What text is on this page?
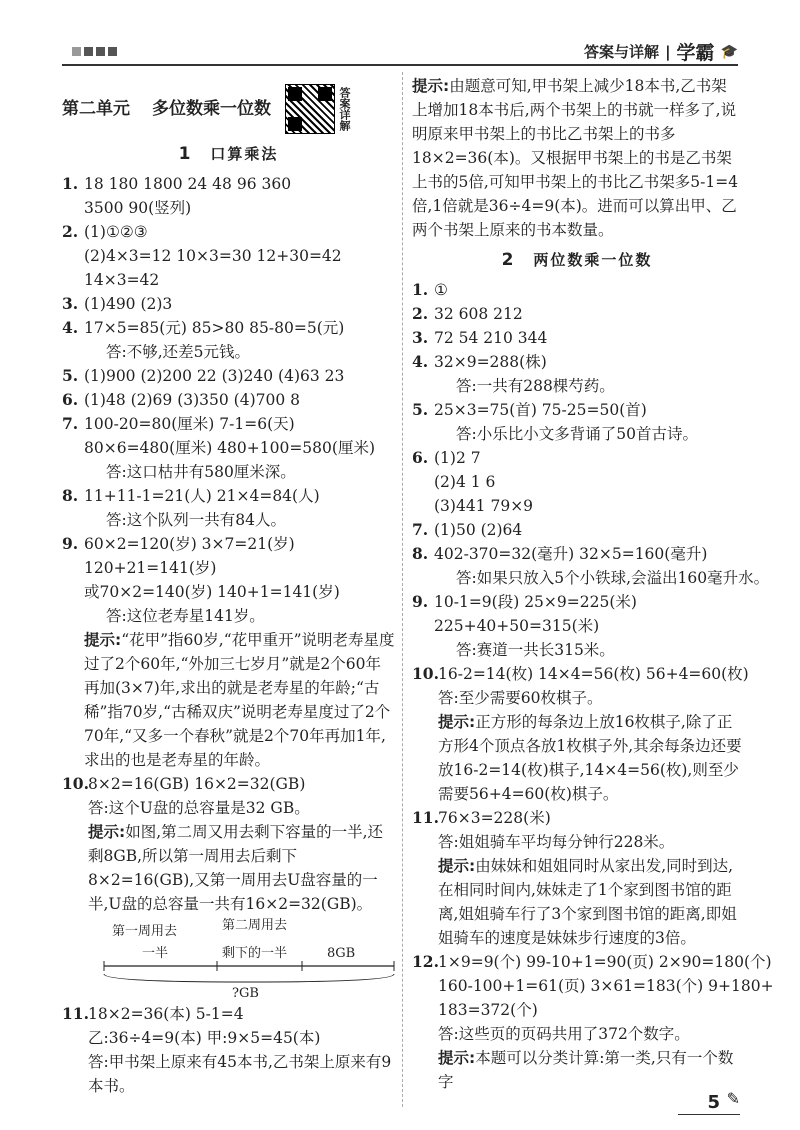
答案与详解 | 学霸 🎓
第二单元 多位数乘一位数	答案详解
1 口算乘法
1. 18 180 1800 24 48 96 360
3500 90(竖列)
2. (1)①②③
(2)4×3=12 10×3=30 12+30=42
14×3=42
3. (1)490 (2)3
4. 17×5=85(元) 85>80 85-80=5(元)
答:不够,还差5元钱。
5. (1)900 (2)200 22 (3)240 (4)63 23
6. (1)48 (2)69 (3)350 (4)700 8
7. 100-20=80(厘米) 7-1=6(天)
80×6=480(厘米) 480+100=580(厘米)
答:这口枯井有580厘米深。
8. 11+11-1=21(人) 21×4=84(人)
答:这个队列一共有84人。
9. 60×2=120(岁) 3×7=21(岁)
120+21=141(岁)
或70×2=140(岁) 140+1=141(岁)
答:这位老寿星141岁。
提示:“花甲”指60岁,“花甲重开”说明老寿星度过了2个60年,“外加三七岁月”就是2个60年再加(3×7)年,求出的就是老寿星的年龄;“古稀”指70岁,“古稀双庆”说明老寿星度过了2个70年,“又多一个春秋”就是2个70年再加1年,求出的也是老寿星的年龄。
10. 8×2=16(GB) 16×2=32(GB)
答:这个U盘的总容量是32 GB。
提示:如图,第二周又用去剩下容量的一半,还剩8GB,所以第一周用去后剩下8×2=16(GB),又第一周用去U盘容量的一半,U盘的总容量一共有16×2=32(GB)。
第一周用去
一半
第二周用去
剩下的一半	8GB
?GB
11. 18×2=36(本) 5-1=4
乙:36÷4=9(本) 甲:9×5=45(本)
答:甲书架上原来有45本书,乙书架上原来有9本书。
提示:由题意可知,甲书架上减少18本书,乙书架上增加18本书后,两个书架上的书就一样多了,说明原来甲书架上的书比乙书架上的书多18×2=36(本)。又根据甲书架上的书是乙书架上书的5倍,可知甲书架上的书比乙书架多5-1=4倍,1倍就是36÷4=9(本)。进而可以算出甲、乙两个书架上原来的书本数量。
2 两位数乘一位数
1. ①
2. 32 608 212
3. 72 54 210 344
4. 32×9=288(株)
答:一共有288棵芍药。
5. 25×3=75(首) 75-25=50(首)
答:小乐比小文多背诵了50首古诗。
6. (1)2 7
(2)4 1 6
(3)441 79×9
7. (1)50 (2)64
8. 402-370=32(毫升) 32×5=160(毫升)
答:如果只放入5个小铁球,会溢出160毫升水。
9. 10-1=9(段) 25×9=225(米)
225+40+50=315(米)
答:赛道一共长315米。
10. 16-2=14(枚) 14×4=56(枚) 56+4=60(枚)
答:至少需要60枚棋子。
提示:正方形的每条边上放16枚棋子,除了正方形4个顶点各放1枚棋子外,其余每条边还要放16-2=14(枚)棋子,14×4=56(枚),则至少需要56+4=60(枚)棋子。
11. 76×3=228(米)
答:姐姐骑车平均每分钟行228米。
提示:由妹妹和姐姐同时从家出发,同时到达,在相同时间内,妹妹走了1个家到图书馆的距离,姐姐骑车行了3个家到图书馆的距离,即姐姐骑车的速度是妹妹步行速度的3倍。
12. 1×9=9(个) 99-10+1=90(页) 2×90=180(个)
160-100+1=61(页) 3×61=183(个) 9+180+
183=372(个)
答:这些页的页码共用了372个数字。
提示:本题可以分类计算:第一类,只有一个数字
5 ✎
